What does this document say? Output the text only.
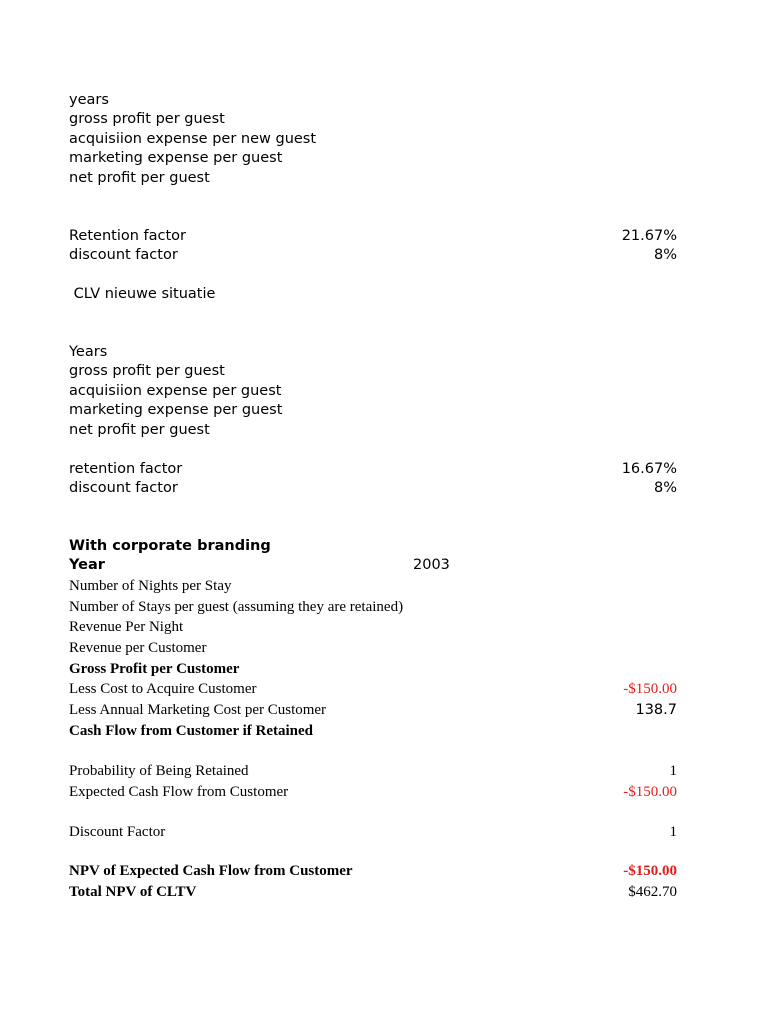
years
gross profit per guest
acquisiion expense per new guest
marketing expense per guest
net profit per guest
Retention factor	21.67%
discount factor	8%
CLV nieuwe situatie
Years
gross profit per guest
acquisiion expense per guest
marketing expense per guest
net profit per guest
retention factor	16.67%
discount factor	8%
With corporate branding
Year	2003
Number of Nights per Stay
Number of Stays per guest (assuming they are retained)
Revenue Per Night
Revenue per Customer
Gross Profit per Customer
Less Cost to Acquire Customer	-$150.00
Less Annual Marketing Cost per Customer	138.7
Cash Flow from Customer if Retained
Probability of Being Retained	1
Expected Cash Flow from Customer	-$150.00
Discount Factor	1
NPV of Expected Cash Flow from Customer	-$150.00
Total NPV of CLTV	$462.70
